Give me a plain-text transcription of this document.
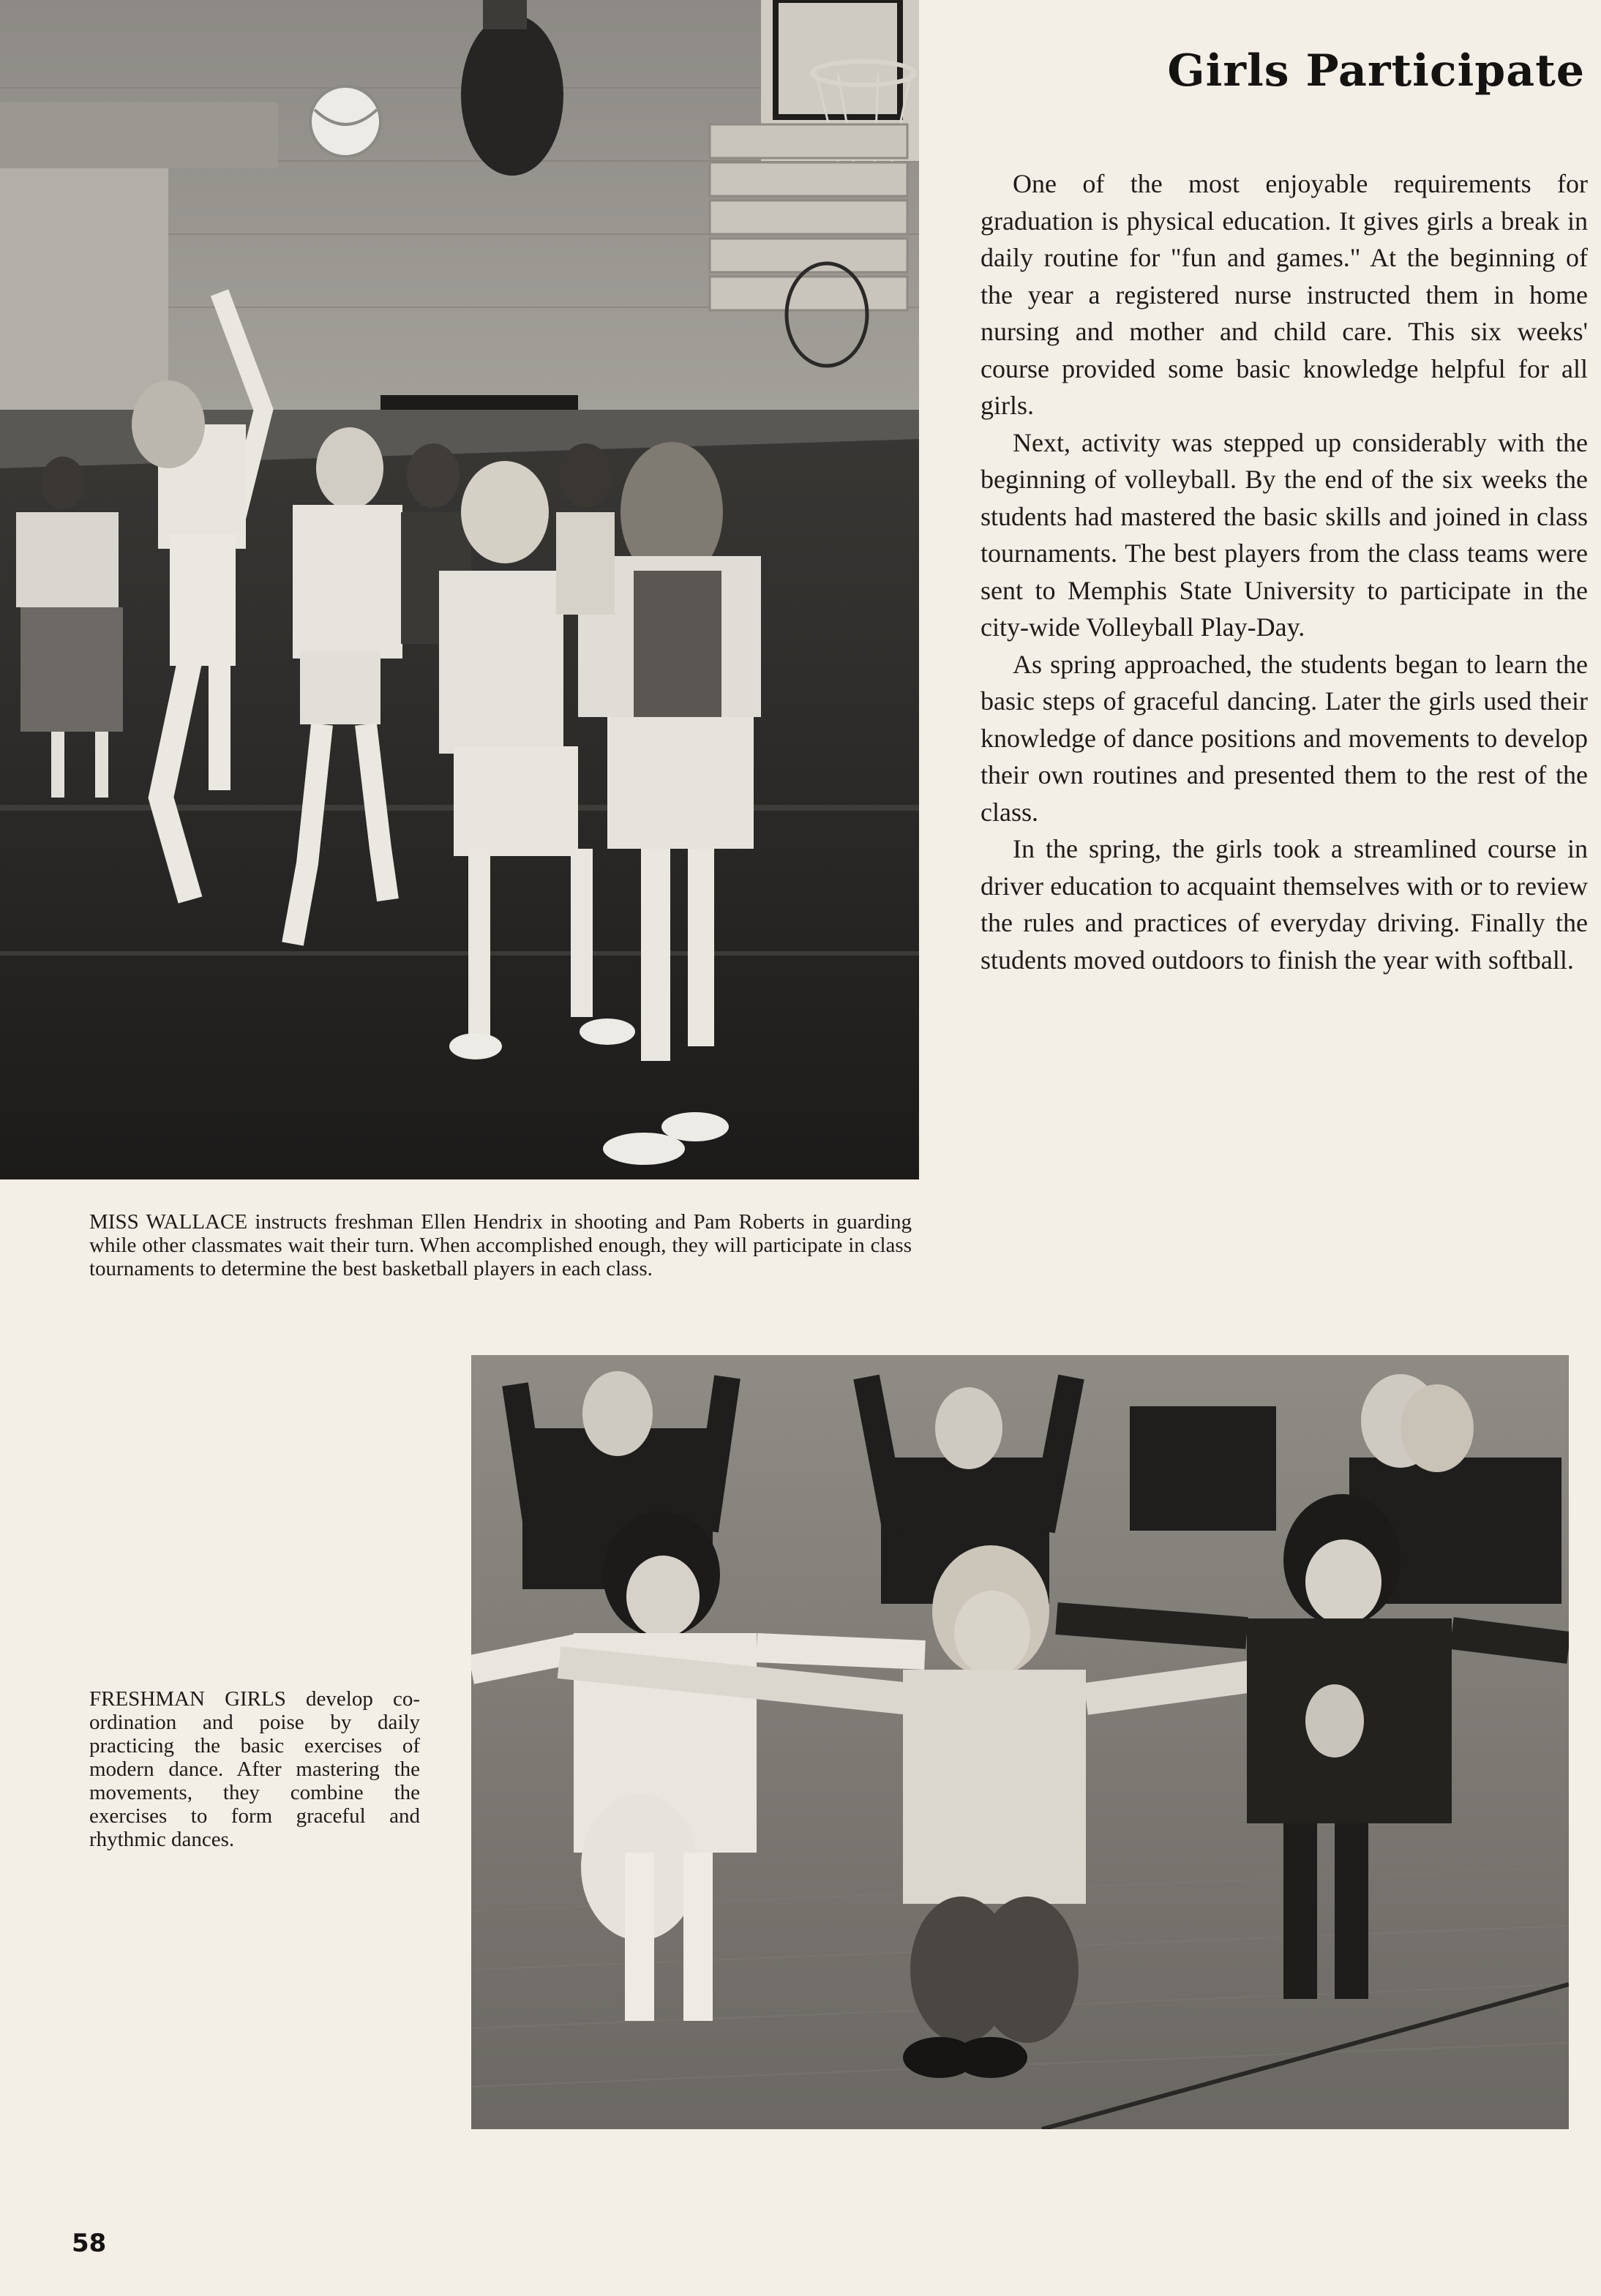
Girls Participate

One of the most enjoyable requirements for graduation is physical education. It gives girls a break in daily routine for "fun and games." At the beginning of the year a registered nurse instructed them in home nursing and mother and child care. This six weeks' course provided some basic knowledge helpful for all girls.

Next, activity was stepped up considerably with the beginning of volleyball. By the end of the six weeks the students had mastered the basic skills and joined in class tournaments. The best players from the class teams were sent to Memphis State University to participate in the city-wide Volleyball Play-Day.

As spring approached, the students began to learn the basic steps of graceful dancing. Later the girls used their knowledge of dance positions and movements to develop their own routines and presented them to the rest of the class.

In the spring, the girls took a streamlined course in driver education to acquaint themselves with or to review the rules and practices of everyday driving. Finally the students moved outdoors to finish the year with softball.

MISS WALLACE instructs freshman Ellen Hendrix in shooting and Pam Roberts in guarding while other classmates wait their turn. When accomplished enough, they will participate in class tournaments to determine the best basketball players in each class.

FRESHMAN GIRLS develop co-ordination and poise by daily practicing the basic exercises of modern dance. After mastering the movements, they combine the exercises to form graceful and rhythmic dances.

58
